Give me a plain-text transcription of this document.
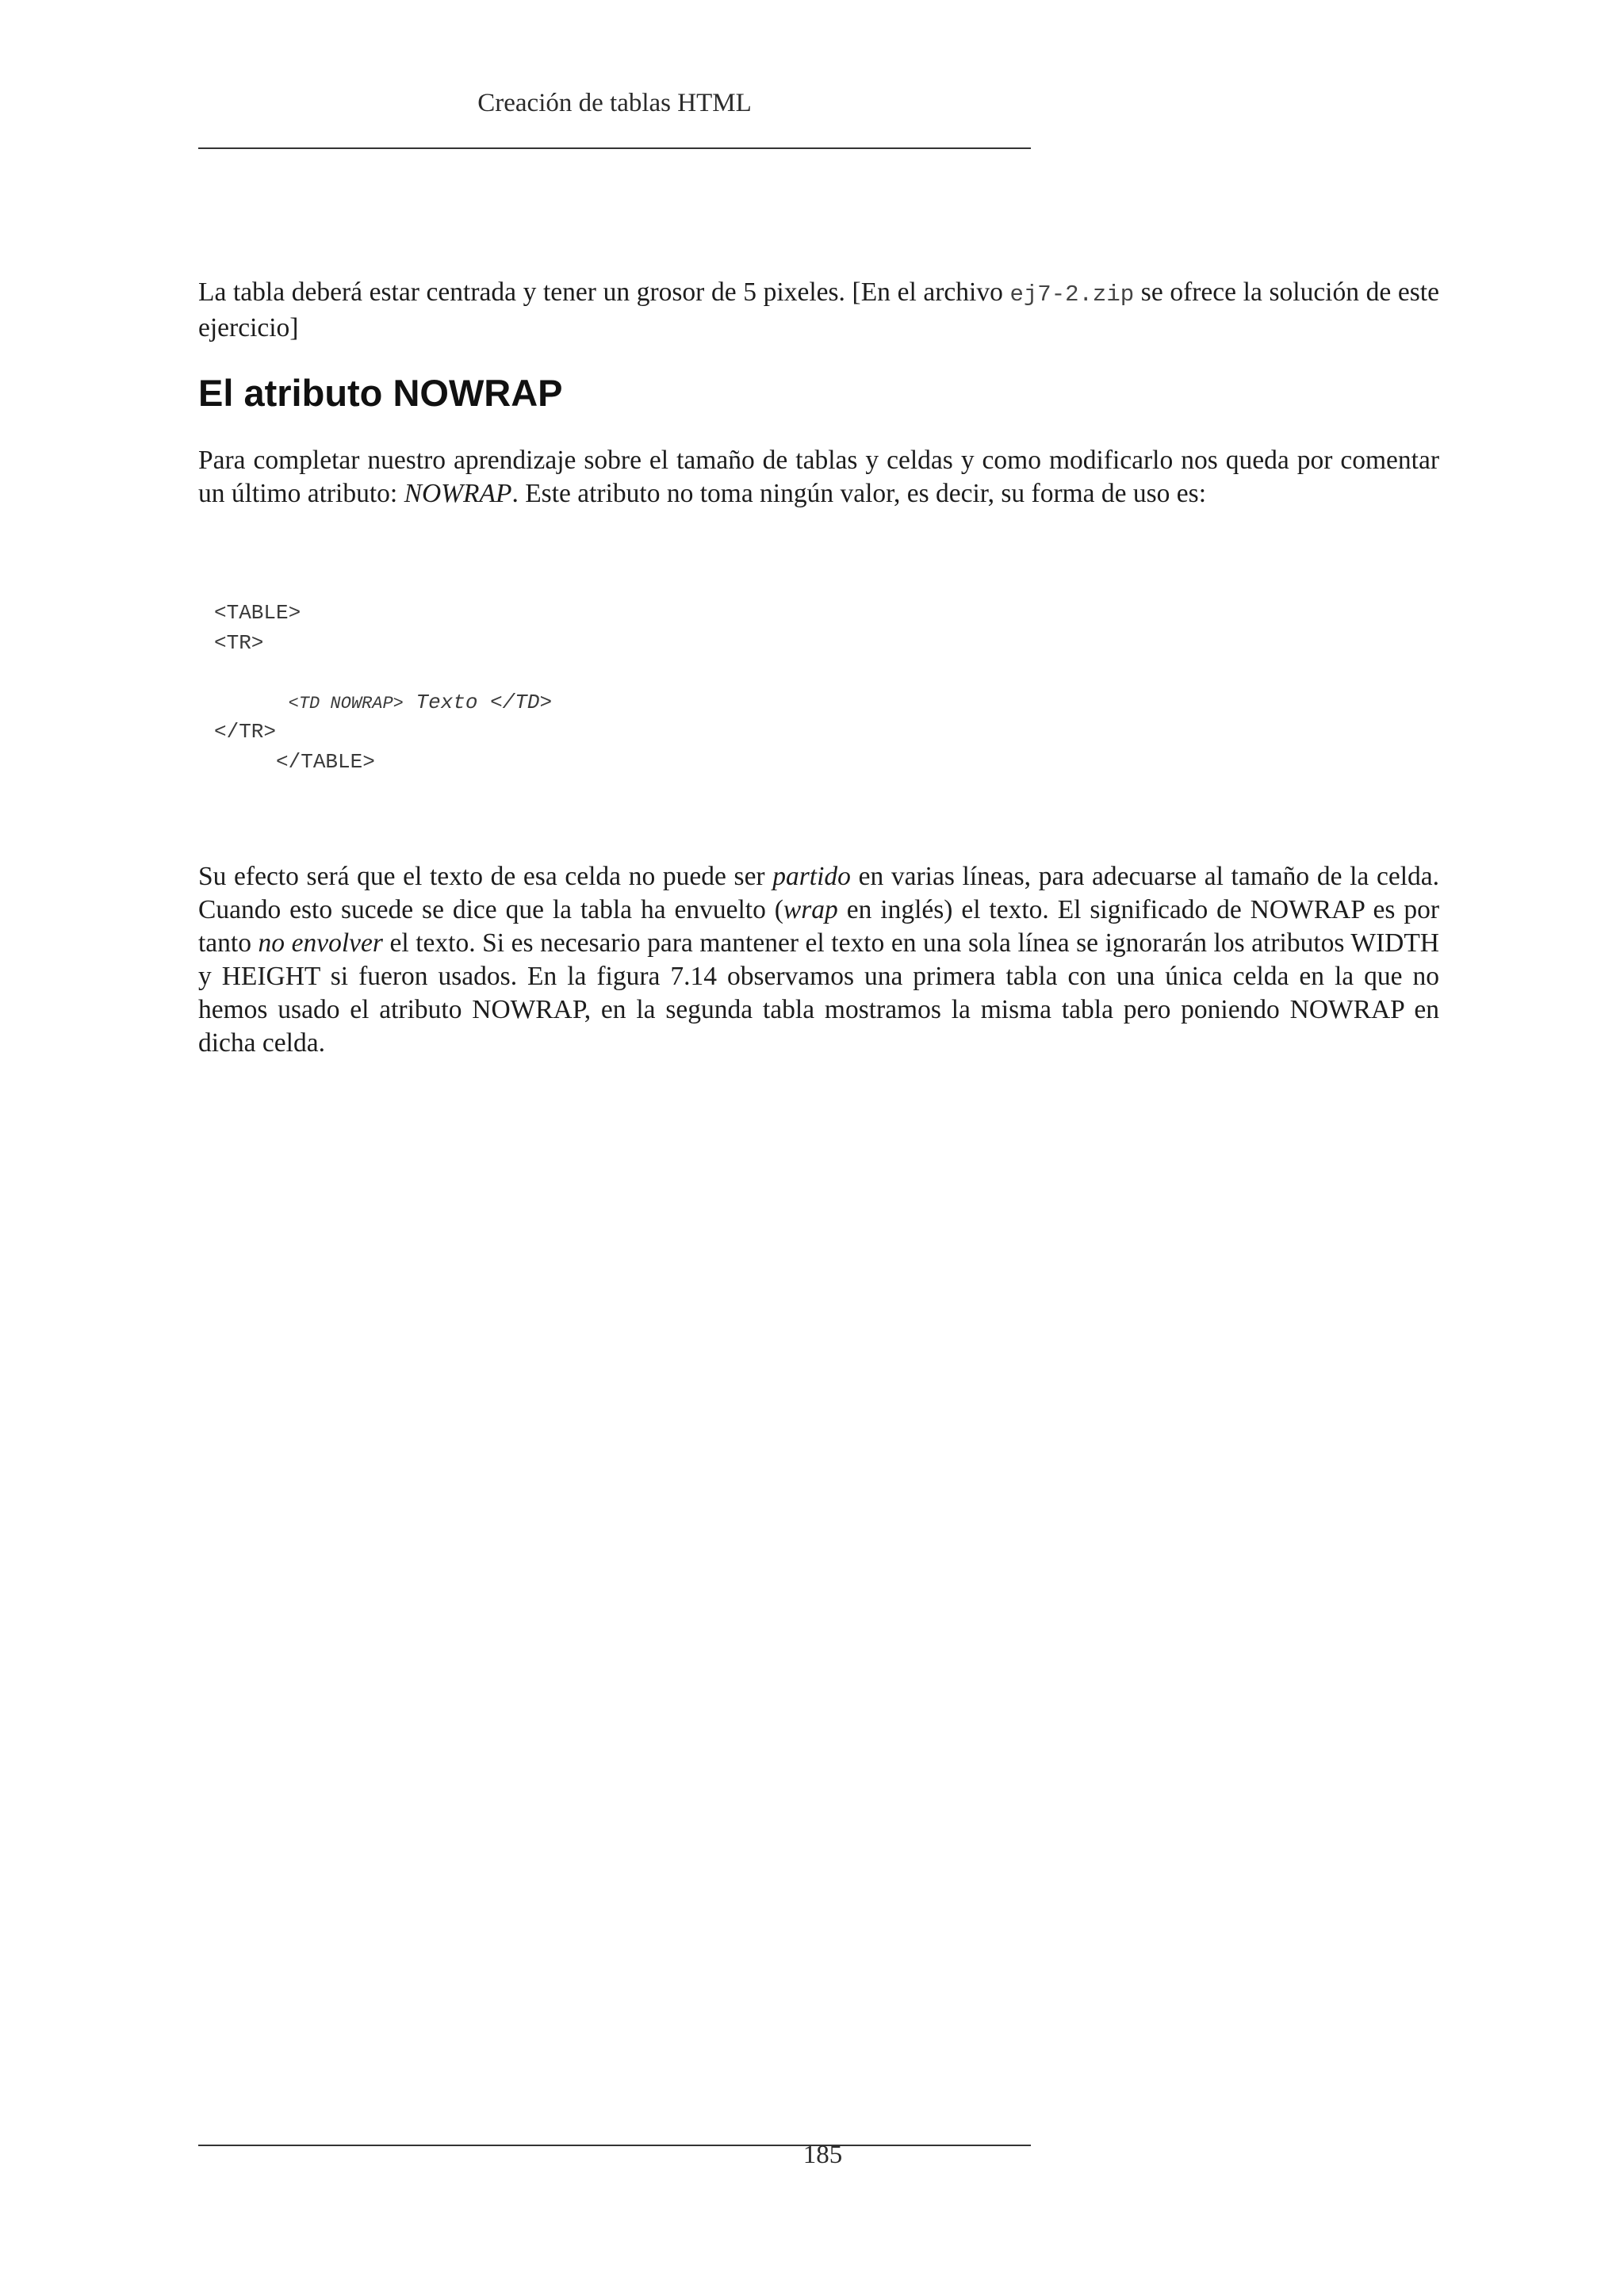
Creación de tablas HTML
La tabla deberá estar centrada y tener un grosor de 5 pixeles. [En el archivo ej7-2.zip se ofrece la solución de este ejercicio]
El atributo NOWRAP
Para completar nuestro aprendizaje sobre el tamaño de tablas y celdas y como modificarlo nos queda por comentar un último atributo: NOWRAP. Este atributo no toma ningún valor, es decir, su forma de uso es:
<TABLE>
<TR>
<TD NOWRAP> Texto </TD>
</TR>
</TABLE>
Su efecto será que el texto de esa celda no puede ser partido en varias líneas, para adecuarse al tamaño de la celda. Cuando esto sucede se dice que la tabla ha envuelto (wrap en inglés) el texto. El significado de NOWRAP es por tanto no envolver el texto. Si es necesario para mantener el texto en una sola línea se ignorarán los atributos WIDTH y HEIGHT si fueron usados. En la figura 7.14 observamos una primera tabla con una única celda en la que no hemos usado el atributo NOWRAP, en la segunda tabla mostramos la misma tabla pero poniendo NOWRAP en dicha celda.
185
